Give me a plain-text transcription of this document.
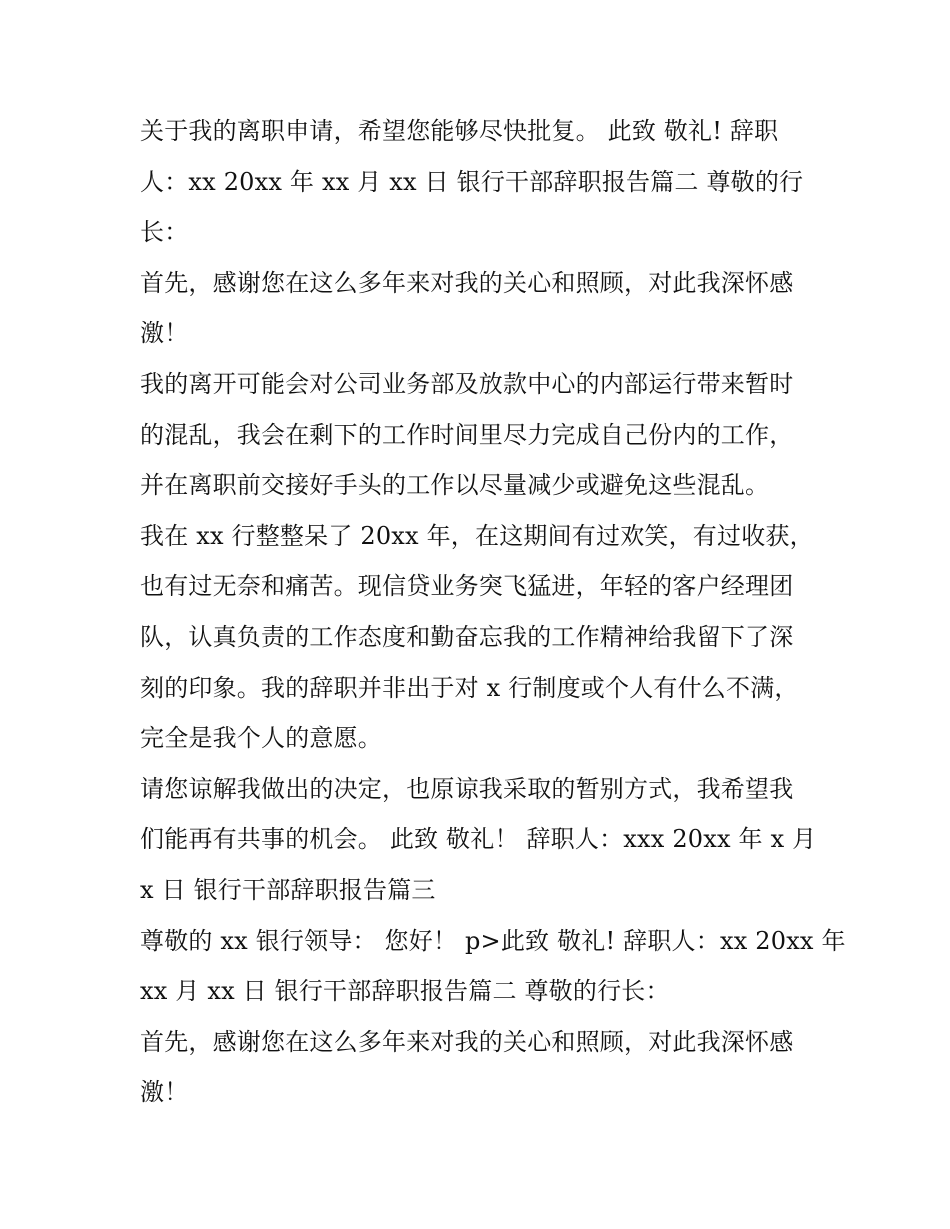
关于我的离职申请，希望您能够尽快批复。 此致 敬礼! 辞职
人：xx 20xx 年 xx 月 xx 日 银行干部辞职报告篇二 尊敬的行
长：
首先，感谢您在这么多年来对我的关心和照顾，对此我深怀感
激！
我的离开可能会对公司业务部及放款中心的内部运行带来暂时
的混乱，我会在剩下的工作时间里尽力完成自己份内的工作，
并在离职前交接好手头的工作以尽量减少或避免这些混乱。
我在 xx 行整整呆了 20xx 年，在这期间有过欢笑，有过收获，
也有过无奈和痛苦。现信贷业务突飞猛进，年轻的客户经理团
队，认真负责的工作态度和勤奋忘我的工作精神给我留下了深
刻的印象。我的辞职并非出于对 x 行制度或个人有什么不满，
完全是我个人的意愿。
请您谅解我做出的决定，也原谅我采取的暂别方式，我希望我
们能再有共事的机会。 此致 敬礼！ 辞职人：xxx 20xx 年 x 月
x 日 银行干部辞职报告篇三
尊敬的 xx 银行领导： 您好！ p>此致 敬礼! 辞职人：xx 20xx 年
xx 月 xx 日 银行干部辞职报告篇二 尊敬的行长：
首先，感谢您在这么多年来对我的关心和照顾，对此我深怀感
激！
